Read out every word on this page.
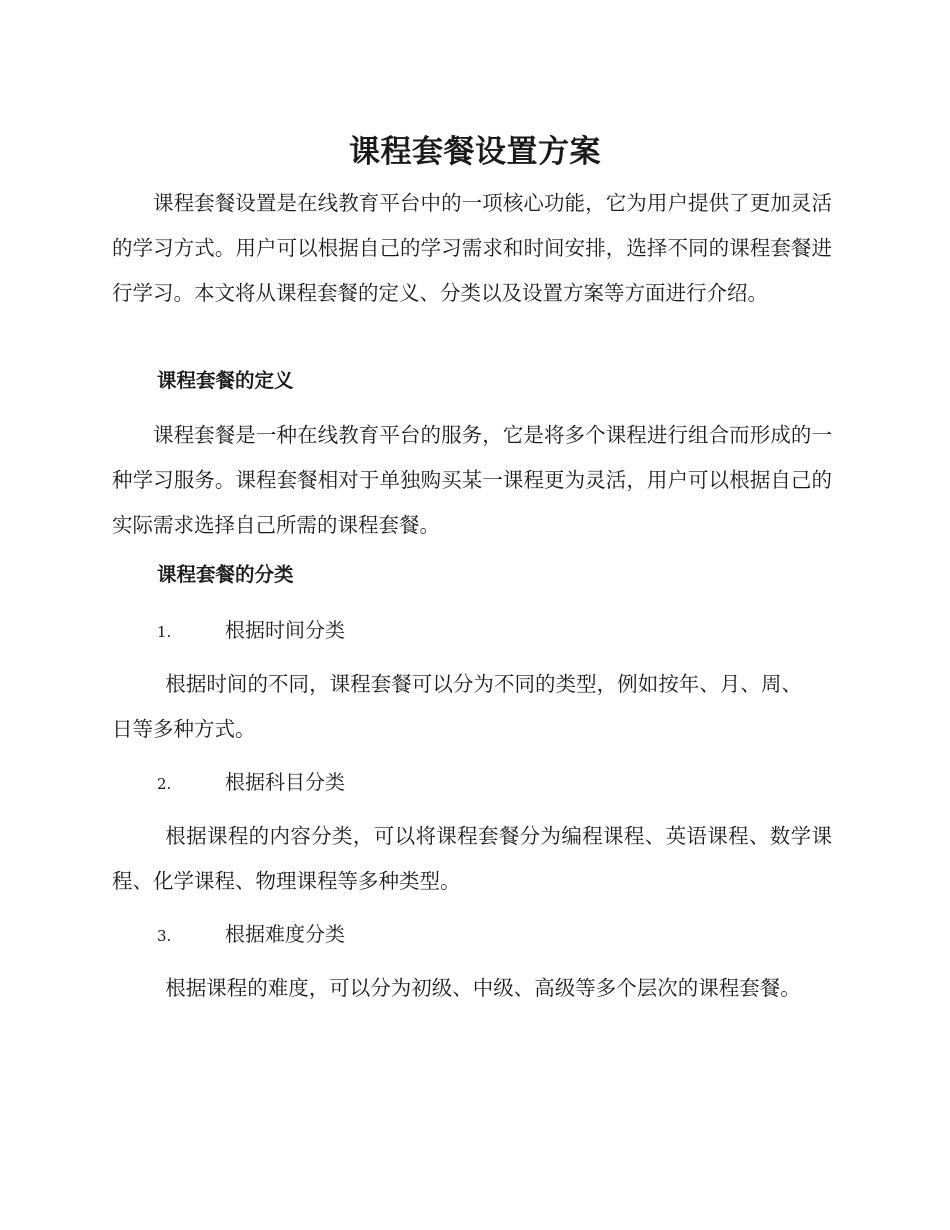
课程套餐设置方案

课程套餐设置是在线教育平台中的一项核心功能，它为用户提供了更加灵活的学习方式。用户可以根据自己的学习需求和时间安排，选择不同的课程套餐进行学习。本文将从课程套餐的定义、分类以及设置方案等方面进行介绍。

课程套餐的定义

课程套餐是一种在线教育平台的服务，它是将多个课程进行组合而形成的一种学习服务。课程套餐相对于单独购买某一课程更为灵活，用户可以根据自己的实际需求选择自己所需的课程套餐。

课程套餐的分类
1.	根据时间分类

根据时间的不同，课程套餐可以分为不同的类型，例如按年、月、周、日等多种方式。

2.	根据科目分类

根据课程的内容分类，可以将课程套餐分为编程课程、英语课程、数学课程、化学课程、物理课程等多种类型。

3.	根据难度分类

根据课程的难度，可以分为初级、中级、高级等多个层次的课程套餐。
